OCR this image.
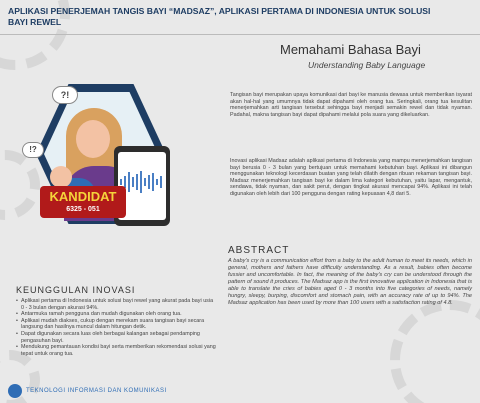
APLIKASI PENERJEMAH TANGIS BAYI “MADSAZ”, APLIKASI PERTAMA DI INDONESIA UNTUK SOLUSI BAYI REWEL
?!
!?
KANDIDAT
6325 - 051
Memahami Bahasa Bayi
Understanding Baby Language
Tangisan bayi merupakan upaya komunikasi dari bayi ke manusia dewasa untuk memberikan isyarat akan hal-hal yang umumnya tidak dapat dipahami oleh orang tua. Seringkali, orang tua kesulitan menerjemahkan arti tangisan tersebut sehingga bayi menjadi semakin rewel dan tidak nyaman. Padahal, makna tangisan bayi dapat dipahami melalui pola suara yang dikeluarkan.
Inovasi aplikasi Madsaz adalah aplikasi pertama di Indonesia yang mampu menerjemahkan tangisan bayi berusia 0 - 3 bulan yang bertujuan untuk memahami kebutuhan bayi. Aplikasi ini dibangun menggunakan teknologi kecerdasan buatan yang telah dilatih dengan ribuan rekaman tangisan bayi. Madsaz menerjemahkan tangisan bayi ke dalam lima kategori kebutuhan, yaitu lapar, mengantuk, sendawa, tidak nyaman, dan sakit perut, dengan tingkat akurasi mencapai 94%. Aplikasi ini telah digunakan oleh lebih dari 100 pengguna dengan rating kepuasan 4,8 dari 5.
ABSTRACT
A baby's cry is a communication effort from a baby to the adult human to meet its needs, which in general, mothers and fathers have difficulty understanding. As a result, babies often become fussier and uncomfortable. In fact, the meaning of the baby's cry can be understood through the pattern of sound it produces. The Madsaz app is the first innovative application in Indonesia that is able to translate the cries of babies aged 0 - 3 months into five categories of needs, namely hungry, sleepy, burping, discomfort and stomach pain, with an accuracy rate of up to 94%. The Madsaz application has been used by more than 100 users with a satisfaction rating of 4.8.
KEUNGGULAN INOVASI
• Aplikasi pertama di Indonesia untuk solusi bayi rewel yang akurat pada bayi usia 0 - 3 bulan dengan akurasi 94%.
• Antarmuka ramah pengguna dan mudah digunakan oleh orang tua.
• Aplikasi mudah diakses, cukup dengan merekam suara tangisan bayi secara langsung dan hasilnya muncul dalam hitungan detik.
• Dapat digunakan secara luas oleh berbagai kalangan sebagai pendamping pengasuhan bayi.
• Mendukung pemantauan kondisi bayi serta memberikan rekomendasi solusi yang tepat untuk orang tua.
TEKNOLOGI INFORMASI DAN KOMUNIKASI
